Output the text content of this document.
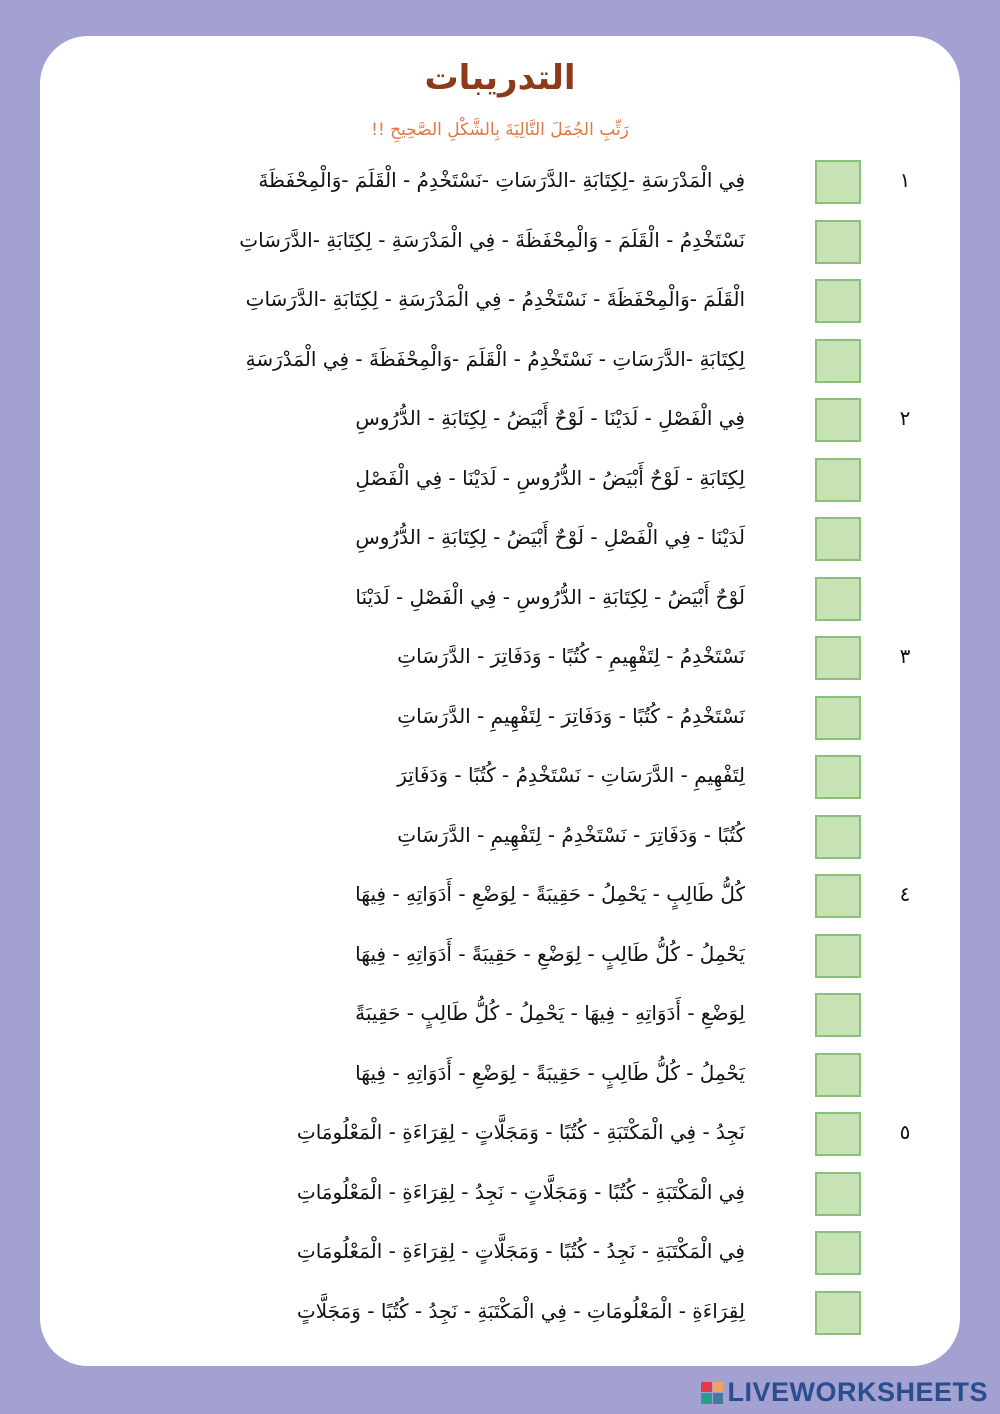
التدريبات
رَتِّبِ الجُمَلَ التَّالِيَةَ بِالشَّكْلِ الصَّحِيحِ !!
١
فِي الْمَدْرَسَةِ -لِكِتَابَةِ -الدَّرَسَاتِ -نَسْتَخْدِمُ - الْقَلَمَ -وَالْمِحْفَظَةَ
نَسْتَخْدِمُ - الْقَلَمَ - وَالْمِحْفَظَةَ - فِي الْمَدْرَسَةِ - لِكِتَابَةِ -الدَّرَسَاتِ
الْقَلَمَ -وَالْمِحْفَظَةَ - نَسْتَخْدِمُ - فِي الْمَدْرَسَةِ - لِكِتَابَةِ -الدَّرَسَاتِ
لِكِتَابَةِ -الدَّرَسَاتِ - نَسْتَخْدِمُ - الْقَلَمَ -وَالْمِحْفَظَةَ - فِي الْمَدْرَسَةِ
٢
فِي الْفَصْلِ - لَدَيْنَا - لَوْحٌ أَبْيَضُ - لِكِتَابَةِ - الدُّرُوسِ
لِكِتَابَةِ - لَوْحٌ أَبْيَضُ - الدُّرُوسِ - لَدَيْنَا - فِي الْفَصْلِ
لَدَيْنَا - فِي الْفَصْلِ - لَوْحٌ أَبْيَضُ - لِكِتَابَةِ - الدُّرُوسِ
لَوْحٌ أَبْيَضُ - لِكِتَابَةِ - الدُّرُوسِ - فِي الْفَصْلِ - لَدَيْنَا
٣
نَسْتَخْدِمُ - لِتَفْهِيمِ - كُتُبًا - وَدَفَاتِرَ - الدَّرَسَاتِ
نَسْتَخْدِمُ - كُتُبًا - وَدَفَاتِرَ - لِتَفْهِيمِ - الدَّرَسَاتِ
لِتَفْهِيمِ - الدَّرَسَاتِ - نَسْتَخْدِمُ - كُتُبًا - وَدَفَاتِرَ
كُتُبًا - وَدَفَاتِرَ - نَسْتَخْدِمُ - لِتَفْهِيمِ - الدَّرَسَاتِ
٤
كُلُّ طَالِبٍ - يَحْمِلُ - حَقِيبَةً - لِوَضْعِ - أَدَوَاتِهِ - فِيهَا
يَحْمِلُ - كُلُّ طَالِبٍ - لِوَضْعِ - حَقِيبَةً - أَدَوَاتِهِ - فِيهَا
لِوَضْعِ - أَدَوَاتِهِ - فِيهَا - يَحْمِلُ - كُلُّ طَالِبٍ - حَقِيبَةً
يَحْمِلُ - كُلُّ طَالِبٍ - حَقِيبَةً - لِوَضْعِ - أَدَوَاتِهِ - فِيهَا
٥
نَجِدُ - فِي الْمَكْتَبَةِ - كُتُبًا - وَمَجَلَّاتٍ - لِقِرَاءَةِ - الْمَعْلُومَاتِ
فِي الْمَكْتَبَةِ - كُتُبًا - وَمَجَلَّاتٍ - نَجِدُ - لِقِرَاءَةِ - الْمَعْلُومَاتِ
فِي الْمَكْتَبَةِ - نَجِدُ - كُتُبًا - وَمَجَلَّاتٍ - لِقِرَاءَةِ - الْمَعْلُومَاتِ
لِقِرَاءَةِ - الْمَعْلُومَاتِ - فِي الْمَكْتَبَةِ - نَجِدُ - كُتُبًا - وَمَجَلَّاتٍ
LIVEWORKSHEETS
